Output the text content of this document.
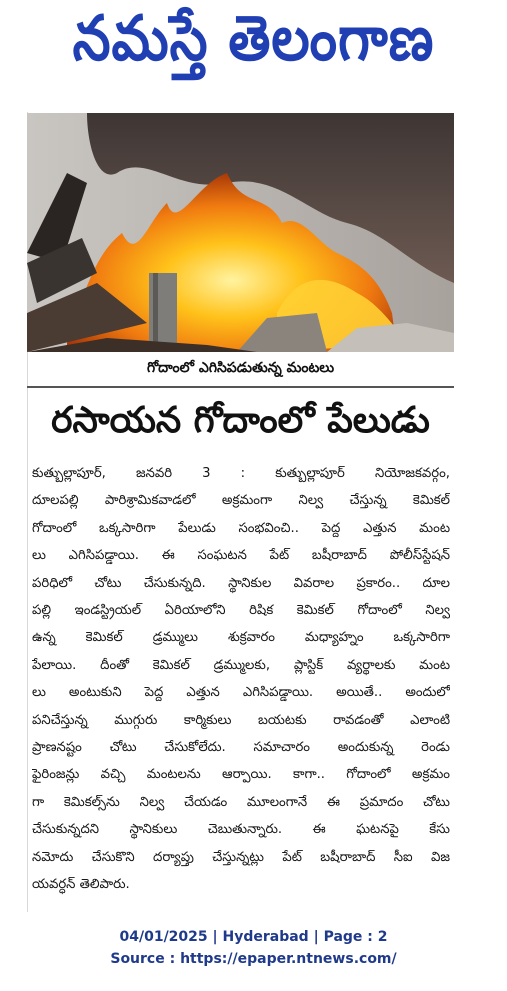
నమస్తే తెలంగాణ
గోదాంలో ఎగిసిపడుతున్న మంటలు
రసాయన గోదాంలో పేలుడు
కుత్బుల్లాపూర్, జనవరి 3 : కుత్బుల్లాపూర్ నియోజకవర్గం,
దూలపల్లి పారిశ్రామికవాడలో అక్రమంగా నిల్వ చేస్తున్న కెమికల్
గోదాంలో ఒక్కసారిగా పేలుడు సంభవించి.. పెద్ద ఎత్తున మంట
లు ఎగిసిపడ్డాయి. ఈ సంఘటన పేట్ బషీరాబాద్ పోలీస్‌స్టేషన్
పరిధిలో చోటు చేసుకున్నది. స్థానికుల వివరాల ప్రకారం.. దూల
పల్లి ఇండస్ట్రియల్ ఏరియాలోని రిషిక కెమికల్ గోదాంలో నిల్వ
ఉన్న కెమికల్ డ్రమ్ములు శుక్రవారం మధ్యాహ్నం ఒక్కసారిగా
పేలాయి. దీంతో కెమికల్ డ్రమ్ములకు, ప్లాస్టిక్ వ్యర్థాలకు మంట
లు అంటుకుని పెద్ద ఎత్తున ఎగిసిపడ్డాయి. అయితే.. అందులో
పనిచేస్తున్న ముగ్గురు కార్మికులు బయటకు రావడంతో ఎలాంటి
ప్రాణనష్టం చోటు చేసుకోలేదు. సమాచారం అందుకున్న రెండు
ఫైరింజన్లు వచ్చి మంటలను ఆర్పాయి. కాగా.. గోదాంలో అక్రమం
గా కెమికల్స్‌ను నిల్వ చేయడం మూలంగానే ఈ ప్రమాదం చోటు
చేసుకున్నదని స్థానికులు చెబుతున్నారు. ఈ ఘటనపై కేసు
నమోదు చేసుకొని దర్యాప్తు చేస్తున్నట్లు పేట్ బషీరాబాద్ సీఐ విజ
యవర్ధన్ తెలిపారు.
04/01/2025 | Hyderabad | Page : 2
Source : https://epaper.ntnews.com/
